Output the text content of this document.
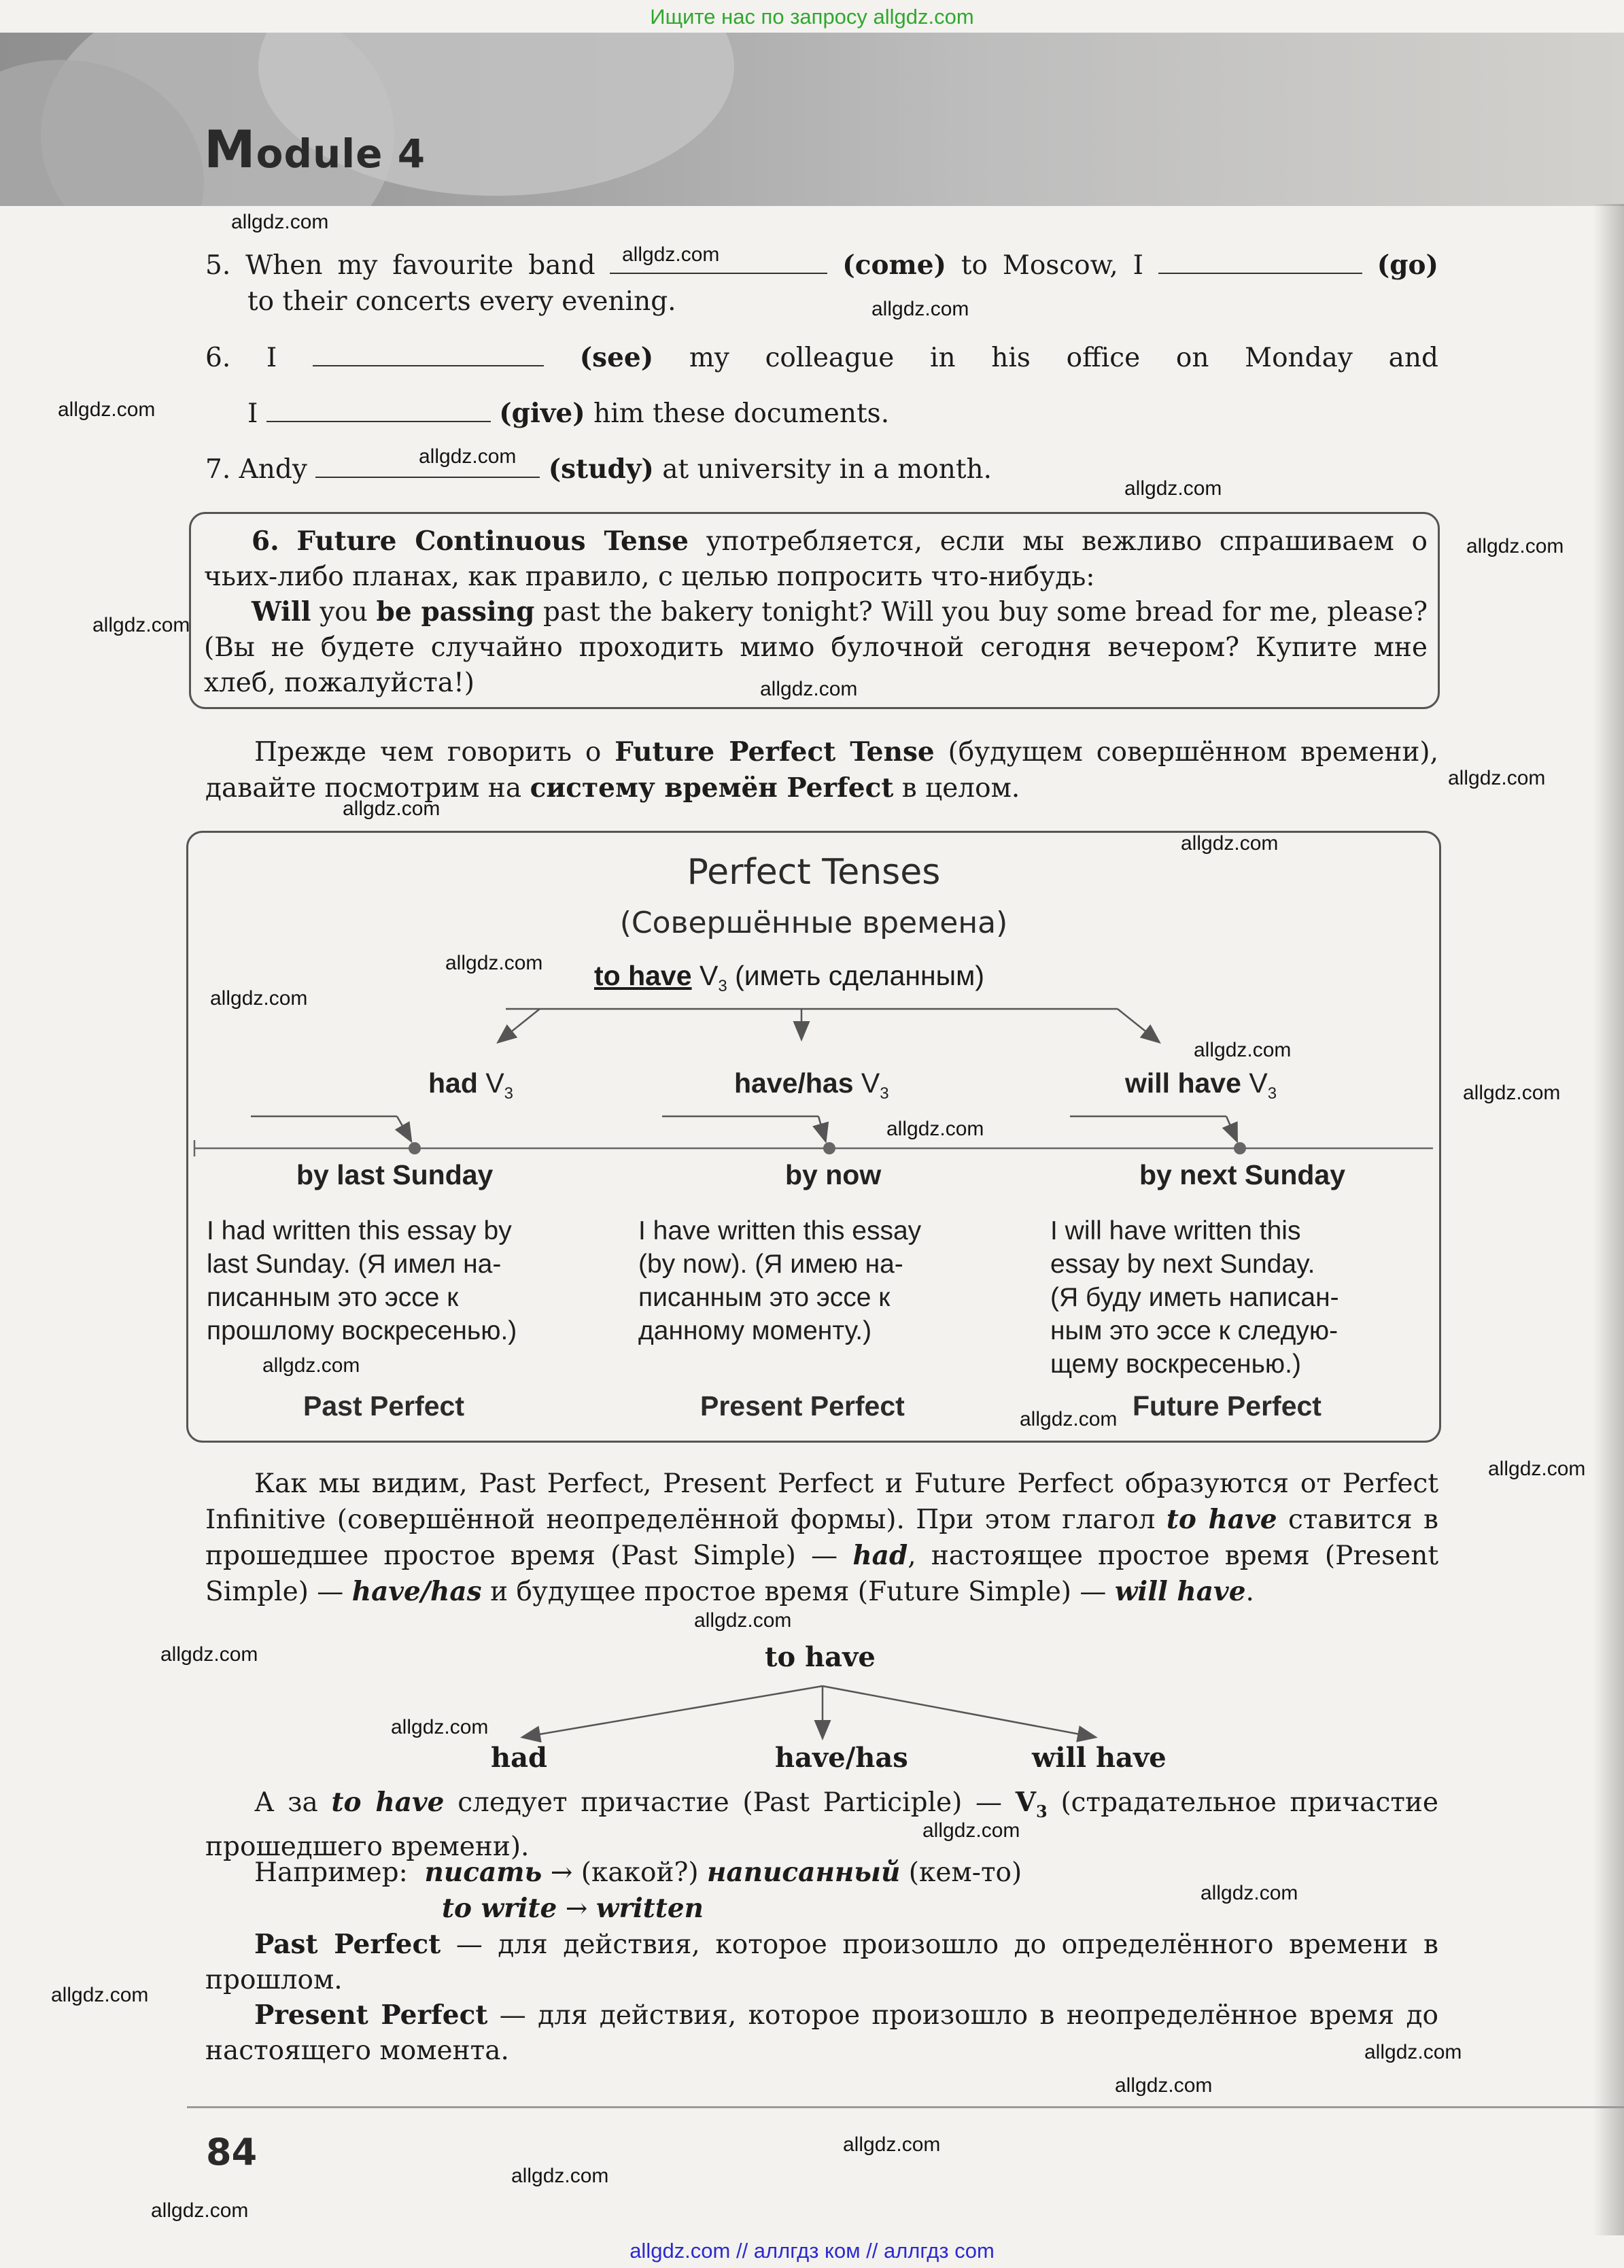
Ищите нас по запросу allgdz.com
Module 4
5. When my favourite band	(come) to Moscow, I	(go)
to their concerts every evening.
6. I	(see) my colleague in his office on Monday and
I	(give) him these documents.
7. Andy	(study) at university in a month.
6. Future Continuous Tense употребляется, если мы вежливо спрашиваем о чьих-либо планах, как правило, с целью попросить что-нибудь:
Will you be passing past the bakery tonight? Will you buy some bread for me, please? (Вы не будете случайно проходить мимо булочной сегодня вечером? Купите мне хлеб, пожалуйста!)
Прежде чем говорить о Future Perfect Tense (будущем совершённом времени), давайте посмотрим на систему времён Perfect в целом.
Perfect Tenses
(Совершённые времена)
to have $V_3$ (иметь сделанным)
had $V_3$	have/has $V_3$	will have $V_3$
by last Sunday	by now	by next Sunday
I had written this essay by
last Sunday. (Я имел на-
писанным это эссе к
прошлому воскресенью.)
I have written this essay
(by now). (Я имею на-
писанным это эссе к
данному моменту.)
I will have written this
essay by next Sunday.
(Я буду иметь написан-
ным это эссе к следую-
щему воскресенью.)
Past Perfect	Present Perfect	Future Perfect
Как мы видим, Past Perfect, Present Perfect и Future Perfect образуются от Perfect Infinitive (совершённой неопределённой формы). При этом глагол to have ставится в прошедшее простое время (Past Simple) — had, настоящее простое время (Present Simple) — have/has и будущее простое время (Future Simple) — will have.
to have
had	have/has	will have
А за to have следует причастие (Past Participle) — $V_3$ (страдательное причастие прошедшего времени).
Например: писать → (какой?) написанный (кем-то)
to write → written
Past Perfect — для действия, которое произошло до определённого времени в прошлом.
Present Perfect — для действия, которое произошло в неопределённое время до настоящего момента.
84
allgdz.com // аллгдз ком // аллгдз com
allgdz.com
allgdz.com
allgdz.com
allgdz.com
allgdz.com
allgdz.com
allgdz.com
allgdz.com
allgdz.com
allgdz.com
allgdz.com
allgdz.com
allgdz.com
allgdz.com
allgdz.com
allgdz.com
allgdz.com
allgdz.com
allgdz.com
allgdz.com
allgdz.com
allgdz.com
allgdz.com
allgdz.com
allgdz.com
allgdz.com
allgdz.com
allgdz.com
allgdz.com
allgdz.com
allgdz.com
